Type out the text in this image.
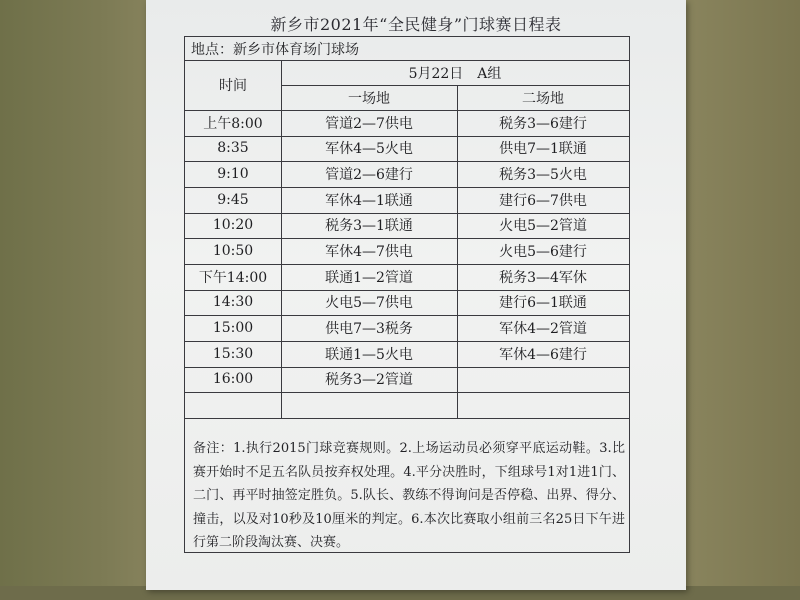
新乡市2021年“全民健身”门球赛日程表
地点：新乡市体育场门球场
时间
5月22日　A组
一场地	二场地
上午8:00	管道2—7供电	税务3—6建行
8:35	军休4—5火电	供电7—1联通
9:10	管道2—6建行	税务3—5火电
9:45	军休4—1联通	建行6—7供电
10:20	税务3—1联通	火电5—2管道
10:50	军休4—7供电	火电5—6建行
下午14:00	联通1—2管道	税务3—4军休
14:30	火电5—7供电	建行6—1联通
15:00	供电7—3税务	军休4—2管道
15:30	联通1—5火电	军休4—6建行
16:00	税务3—2管道
备注：1.执行2015门球竞赛规则。2.上场运动员必须穿平底运动鞋。3.比赛开始时不足五名队员按弃权处理。4.平分决胜时，下组球号1对1进1门、二门、再平时抽签定胜负。5.队长、教练不得询问是否停稳、出界、得分、撞击，以及对10秒及10厘米的判定。6.本次比赛取小组前三名25日下午进行第二阶段淘汰赛、决赛。
